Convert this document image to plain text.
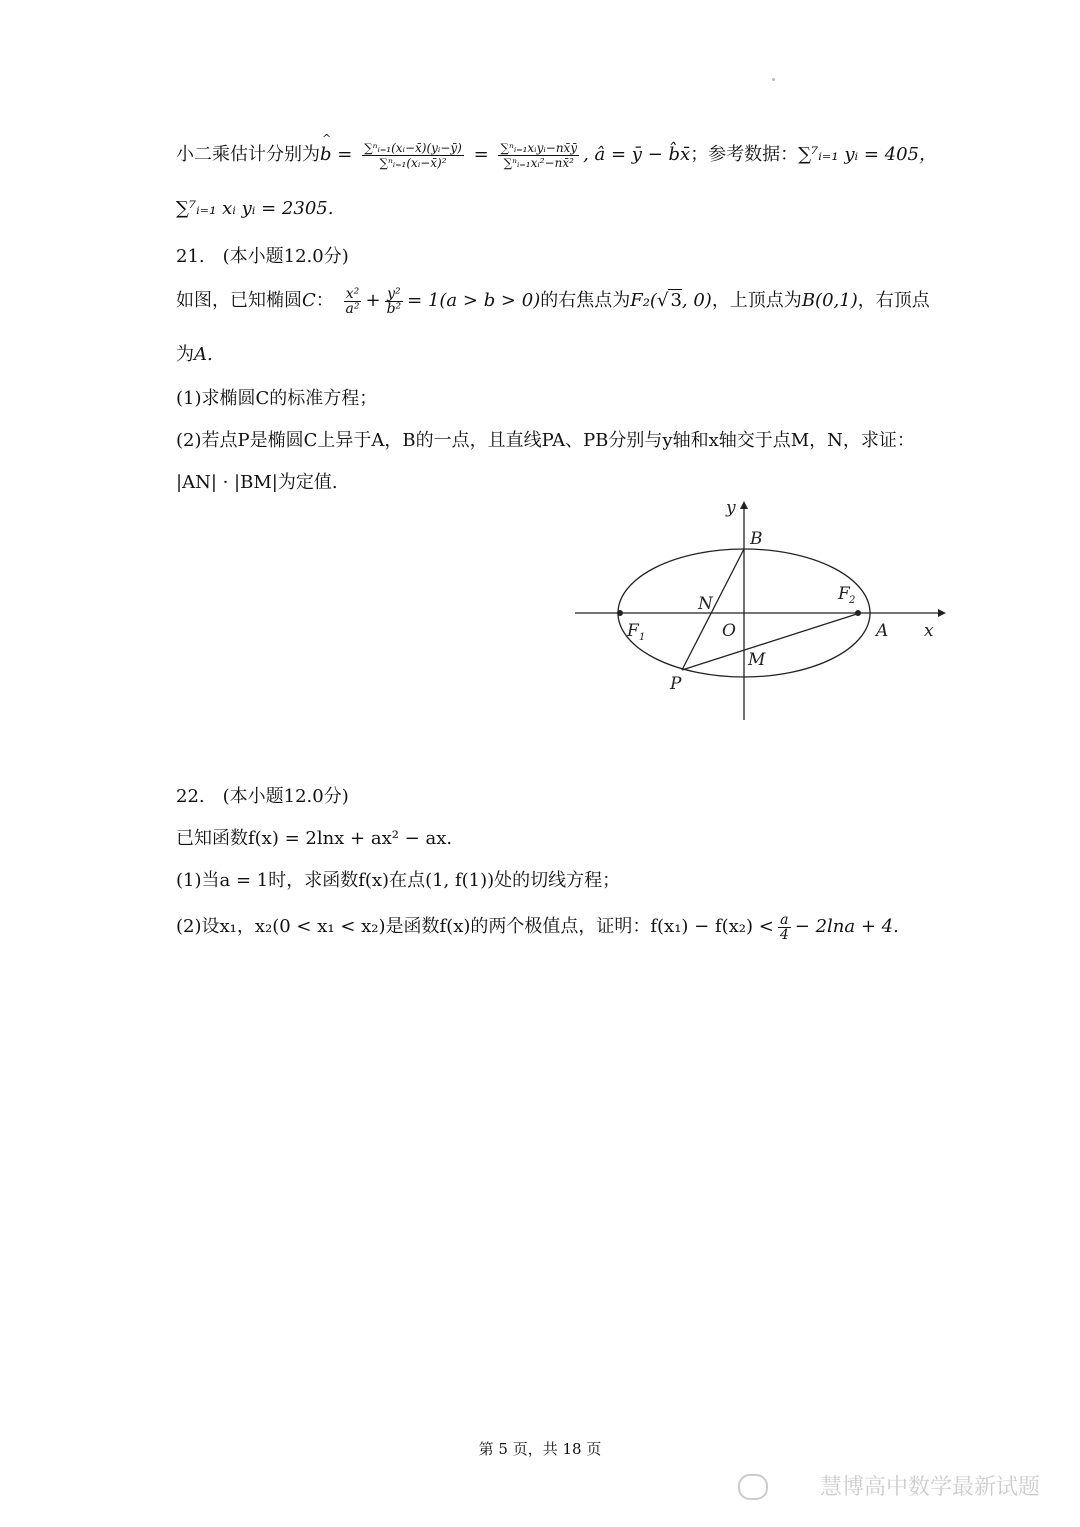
小二乘估计分别为^ $b = \frac{\text{∑ⁿᵢ₌₁(xᵢ−x̄)(yᵢ−ȳ)}}{\text{∑ⁿᵢ₌₁(xᵢ−x̄)²}} = \frac{\text{∑ⁿᵢ₌₁xᵢyᵢ−nx̄ȳ}}{\text{∑ⁿᵢ₌₁xᵢ²−nx̄²}}$ , â = ȳ − b̂x̄；参考数据：∑⁷ᵢ₌₁ yᵢ = 405，
∑⁷ᵢ₌₁ xᵢ yᵢ = 2305.
21.　(本小题12.0分)
如图，已知椭圆C： $\frac{\text{x²}}{\text{a²}} + \frac{\text{y²}}{\text{b²}} = 1(a > b > 0)$的右焦点为F₂(√ 3, 0)，上顶点为B(0,1)，右顶点
为A.
(1)求椭圆C的标准方程；
(2)若点P是椭圆C上异于A，B的一点，且直线PA、PB分别与y轴和x轴交于点M，N，求证：
|AN| · |BM|为定值.
y
B
N
O
F 2
F 1	A x
M
P
22.　(本小题12.0分)
已知函数f(x) = 2lnx + ax² − ax.
(1)当a = 1时，求函数f(x)在点(1, f(1))处的切线方程；
(2)设x₁，x₂(0 < x₁ < x₂)是函数f(x)的两个极值点，证明：$f(x_1) - f(x_2) < \frac{a}{4} - 2\ln a + 4$.
第 5 页，共 18 页
慧博高中数学最新试题
